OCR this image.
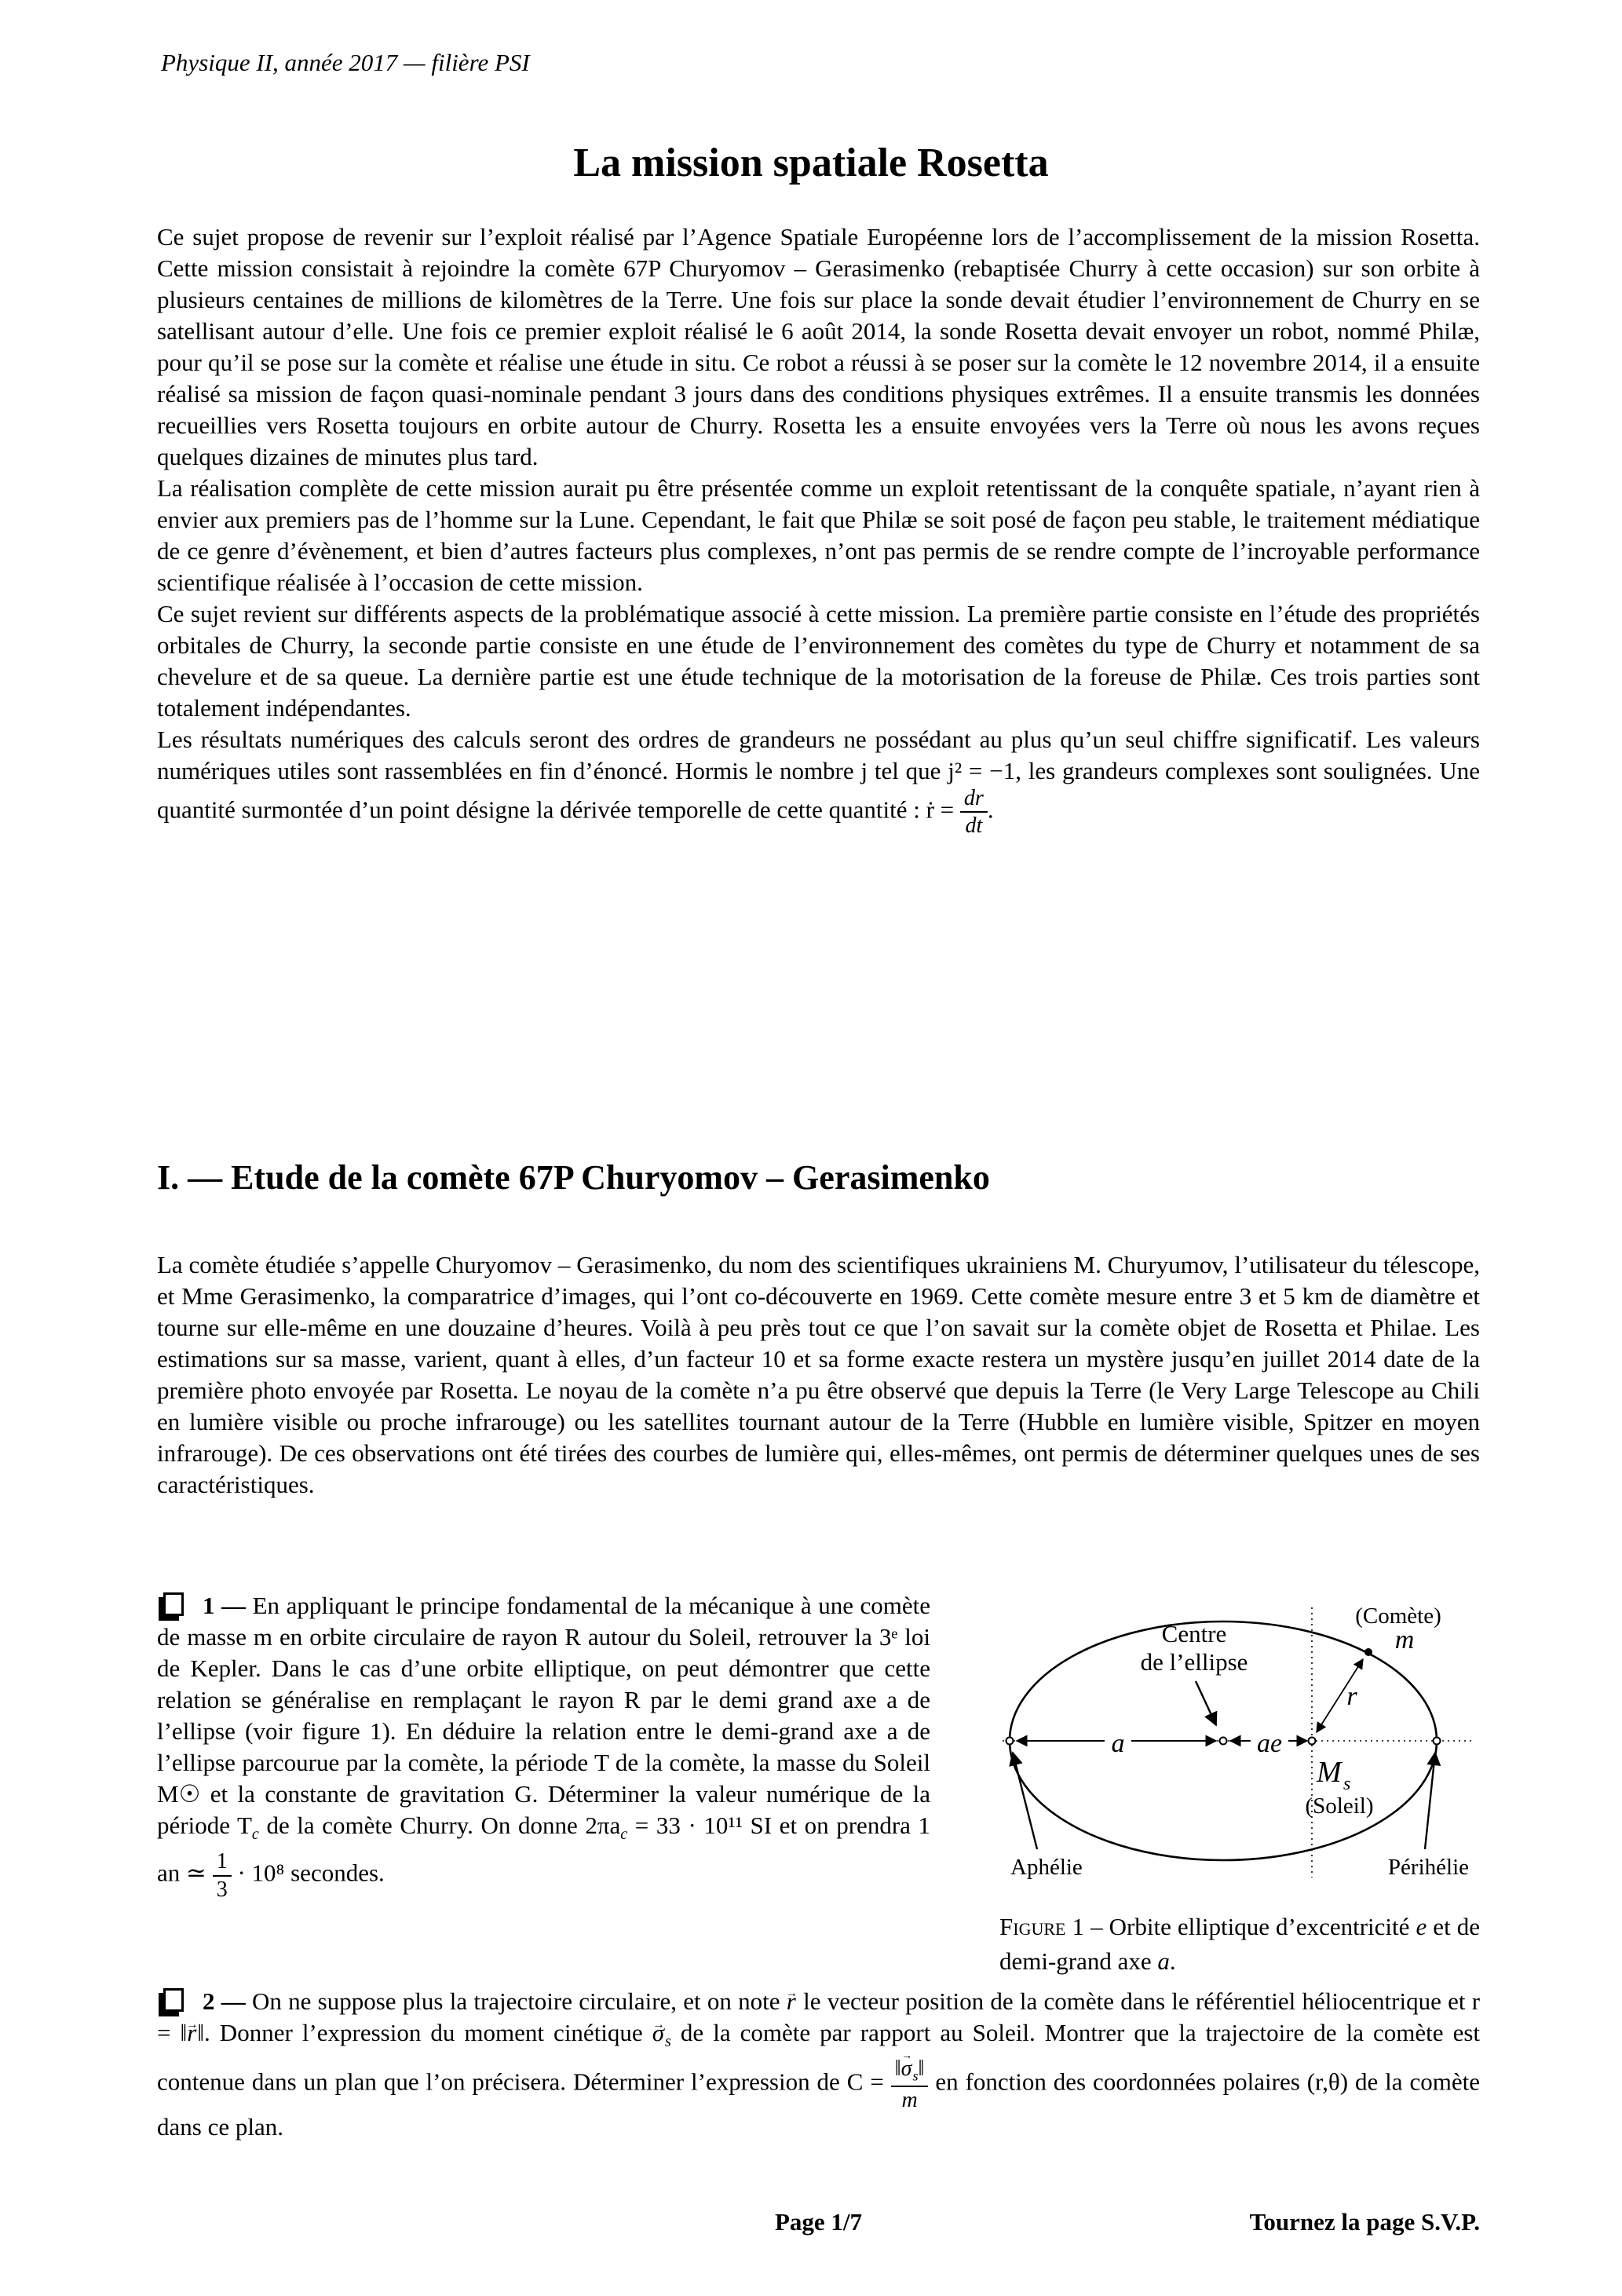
Physique II, année 2017 — filière PSI
La mission spatiale Rosetta

Ce sujet propose de revenir sur l’exploit réalisé par l’Agence Spatiale Européenne lors de l’accomplissement de la mission Rosetta. Cette mission consistait à rejoindre la comète 67P Churyomov – Gerasimenko (rebaptisée Churry à cette occasion) sur son orbite à plusieurs centaines de millions de kilomètres de la Terre. Une fois sur place la sonde devait étudier l’environnement de Churry en se satellisant autour d’elle. Une fois ce premier exploit réalisé le 6 août 2014, la sonde Rosetta devait envoyer un robot, nommé Philæ, pour qu’il se pose sur la comète et réalise une étude in situ. Ce robot a réussi à se poser sur la comète le 12 novembre 2014, il a ensuite réalisé sa mission de façon quasi-nominale pendant 3 jours dans des conditions physiques extrêmes. Il a ensuite transmis les données recueillies vers Rosetta toujours en orbite autour de Churry. Rosetta les a ensuite envoyées vers la Terre où nous les avons reçues quelques dizaines de minutes plus tard.

La réalisation complète de cette mission aurait pu être présentée comme un exploit retentissant de la conquête spatiale, n’ayant rien à envier aux premiers pas de l’homme sur la Lune. Cependant, le fait que Philæ se soit posé de façon peu stable, le traitement médiatique de ce genre d’évènement, et bien d’autres facteurs plus complexes, n’ont pas permis de se rendre compte de l’incroyable performance scientifique réalisée à l’occasion de cette mission.

Ce sujet revient sur différents aspects de la problématique associé à cette mission. La première partie consiste en l’étude des propriétés orbitales de Churry, la seconde partie consiste en une étude de l’environnement des comètes du type de Churry et notamment de sa chevelure et de sa queue. La dernière partie est une étude technique de la motorisation de la foreuse de Philæ. Ces trois parties sont totalement indépendantes.

Les résultats numériques des calculs seront des ordres de grandeurs ne possédant au plus qu’un seul chiffre significatif. Les valeurs numériques utiles sont rassemblées en fin d’énoncé. Hormis le nombre j tel que j² = −1, les grandeurs complexes sont soulignées. Une quantité surmontée d’un point désigne la dérivée temporelle de cette quantité : ṙ = $\frac{dr}{dt}$ .

I. — Etude de la comète 67P Churyomov – Gerasimenko

La comète étudiée s’appelle Churyomov – Gerasimenko, du nom des scientifiques ukrainiens M. Churyumov, l’utilisateur du télescope, et Mme Gerasimenko, la comparatrice d’images, qui l’ont co-découverte en 1969. Cette comète mesure entre 3 et 5 km de diamètre et tourne sur elle-même en une douzaine d’heures. Voilà à peu près tout ce que l’on savait sur la comète objet de Rosetta et Philae. Les estimations sur sa masse, varient, quant à elles, d’un facteur 10 et sa forme exacte restera un mystère jusqu’en juillet 2014 date de la première photo envoyée par Rosetta. Le noyau de la comète n’a pu être observé que depuis la Terre (le Very Large Telescope au Chili en lumière visible ou proche infrarouge) ou les satellites tournant autour de la Terre (Hubble en lumière visible, Spitzer en moyen infrarouge). De ces observations ont été tirées des courbes de lumière qui, elles-mêmes, ont permis de déterminer quelques unes de ses caractéristiques.

1 — En appliquant le principe fondamental de la mécanique à une comète de masse m en orbite circulaire de rayon R autour du Soleil, retrouver la 3ᵉ loi de Kepler. Dans le cas d’une orbite elliptique, on peut démontrer que cette relation se généralise en remplaçant le rayon R par le demi grand axe a de l’ellipse (voir figure 1). En déduire la relation entre le demi-grand axe a de l’ellipse parcourue par la comète, la période T de la comète, la masse du Soleil M☉ et la constante de gravitation G. Déterminer la valeur numérique de la période $T_c$ de la comète Churry. On donne $2\pi a_c = 33 \cdot 10^{11}$ SI et on prendra 1 an ≃ $\frac{1}{3} \cdot 10^8$ secondes.

a	ae
r
Centre
de l’ellipse
(Comète)
m
M s
(Soleil)
Aphélie	Périhélie
Figure 1 – Orbite elliptique d’excentricité e et de demi-grand axe a.

2 — On ne suppose plus la trajectoire circulaire, et on note → r le vecteur position de la comète dans le référentiel héliocentrique et r = ‖→ r‖. Donner l’expression du moment cinétique → $\sigma_s$ de la comète par rapport au Soleil. Montrer que la trajectoire de la comète est contenue dans un plan que l’on précisera. Déterminer l’expression de $C = \frac{‖\to \sigma_s‖}{m}$ en fonction des coordonnées polaires (r,θ) de la comète dans ce plan.

Page 1/7	Tournez la page S.V.P.
